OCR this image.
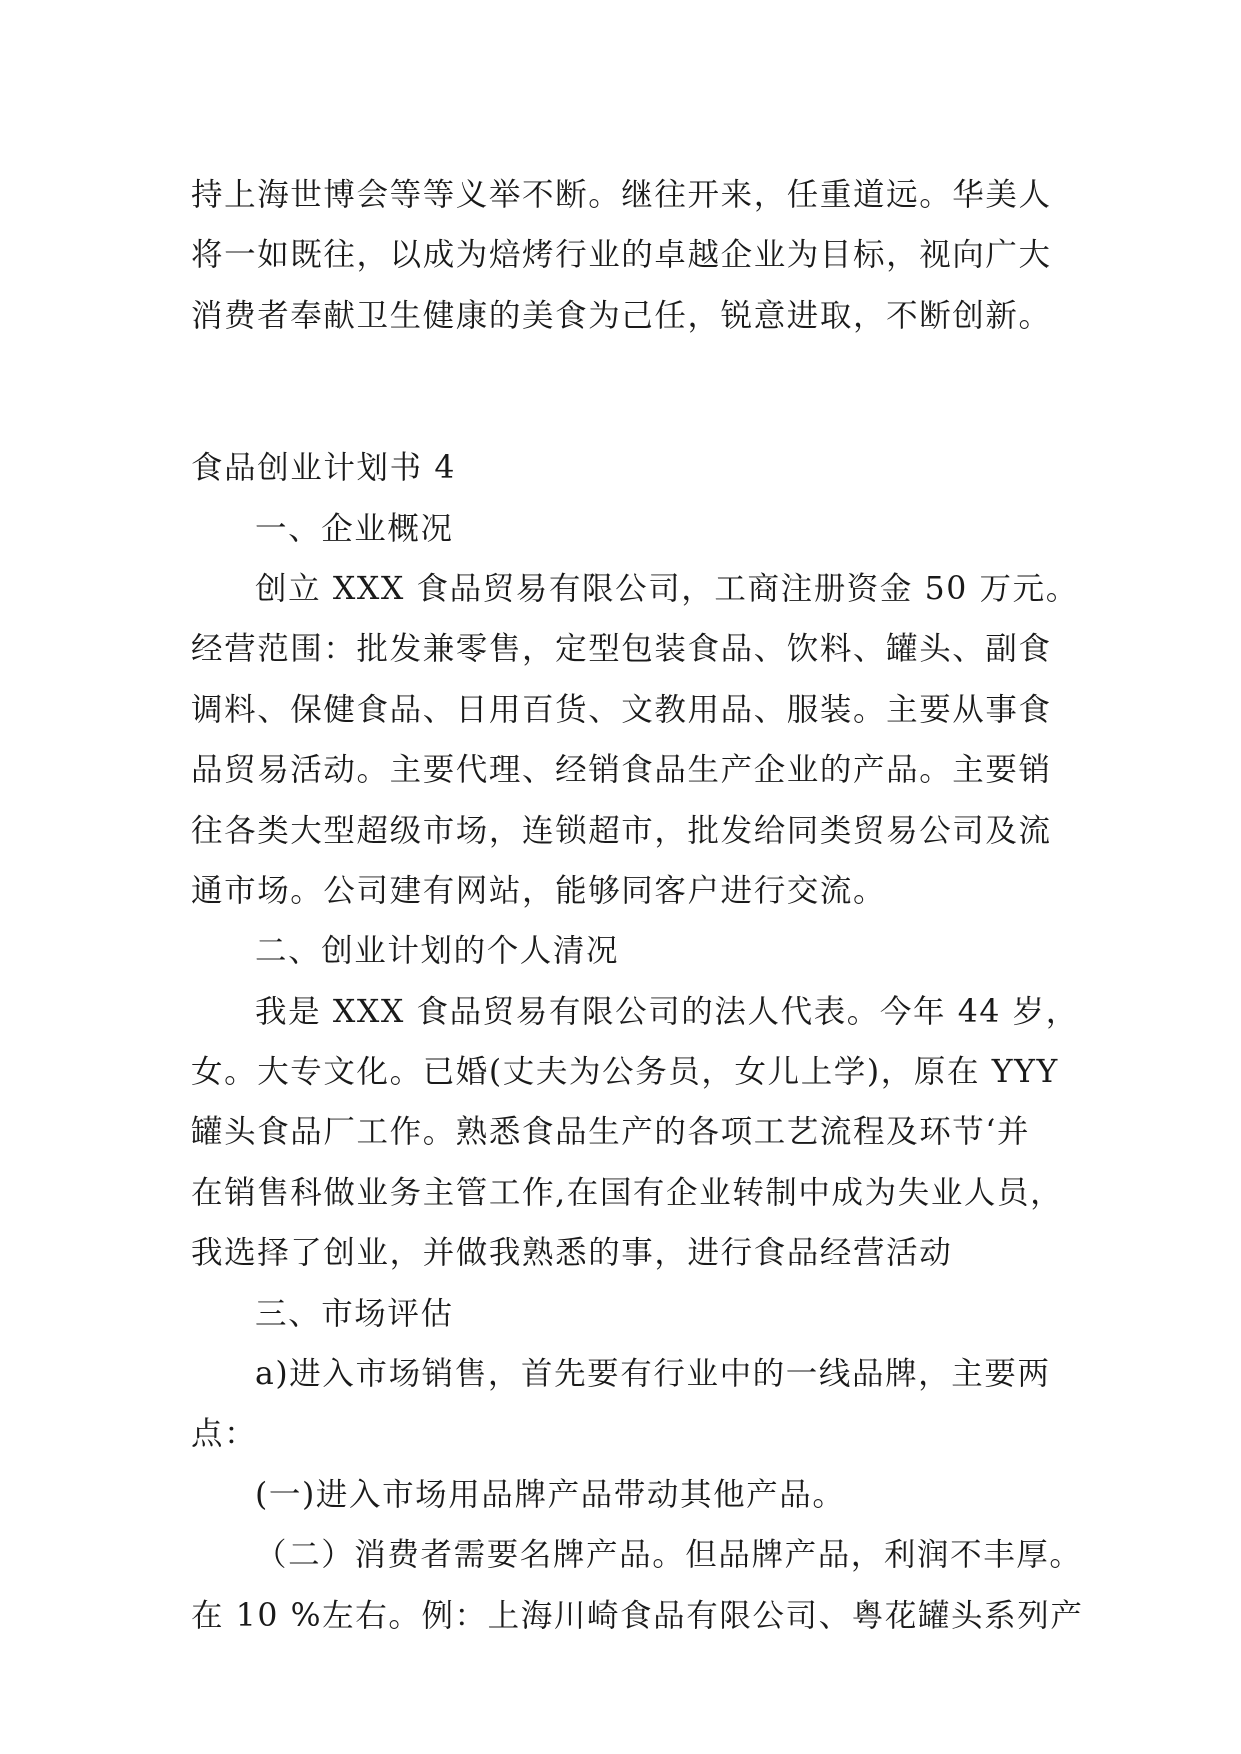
持上海世博会等等义举不断。继往开来，任重道远。华美人
将一如既往，以成为焙烤行业的卓越企业为目标，视向广大
消费者奉献卫生健康的美食为己任，锐意进取，不断创新。
食品创业计划书 4
一、企业概况
创立 XXX 食品贸易有限公司，工商注册资金 50 万元。
经营范围：批发兼零售，定型包装食品、饮料、罐头、副食
调料、保健食品、日用百货、文教用品、服装。主要从事食
品贸易活动。主要代理、经销食品生产企业的产品。主要销
往各类大型超级市场，连锁超市，批发给同类贸易公司及流
通市场。公司建有网站，能够同客户进行交流。
二、创业计划的个人清况
我是 XXX 食品贸易有限公司的法人代表。今年 44 岁，
女。大专文化。已婚(丈夫为公务员，女儿上学)，原在 YYY
罐头食品厂工作。熟悉食品生产的各项工艺流程及环节‘并
在销售科做业务主管工作,在国有企业转制中成为失业人员，
我选择了创业，并做我熟悉的事，进行食品经营活动
三、市场评估
a)进入市场销售，首先要有行业中的一线品牌，主要两
点：
(一)进入市场用品牌产品带动其他产品。
（二）消费者需要名牌产品。但品牌产品，利润不丰厚。
在 10 %左右。例：上海川崎食品有限公司、粤花罐头系列产
